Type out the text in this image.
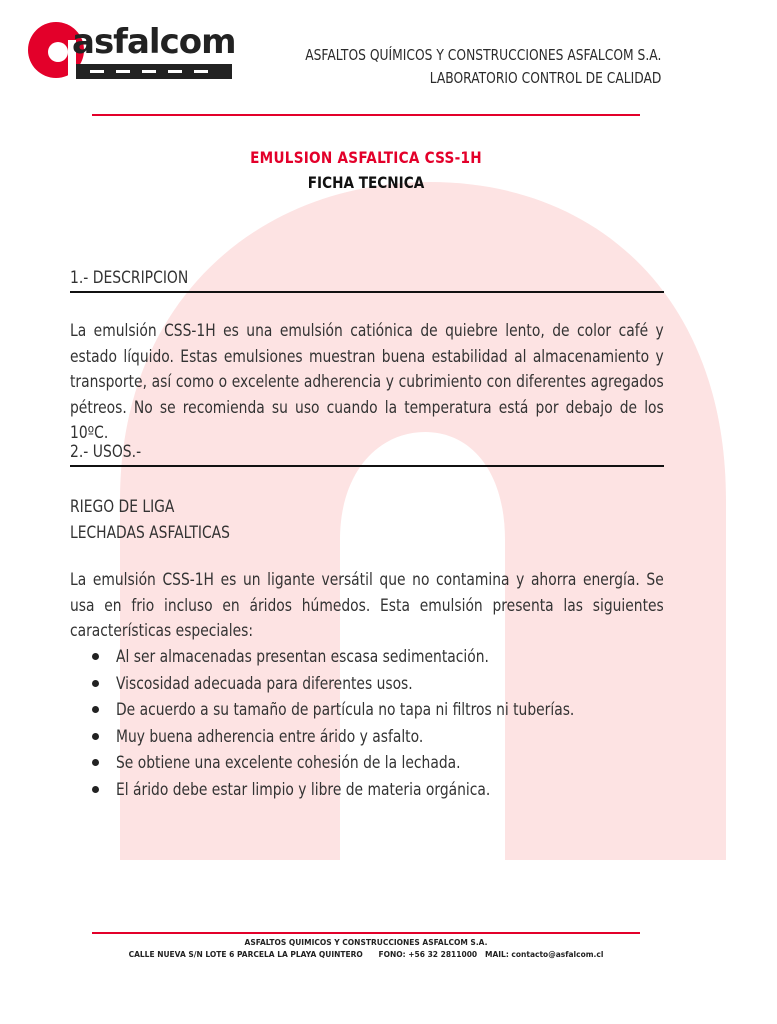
asfalcom	ASFALTOS QUÍMICOS Y CONSTRUCCIONES ASFALCOM S.A.
LABORATORIO CONTROL DE CALIDAD
EMULSION ASFALTICA CSS-1H
FICHA TECNICA
1.- DESCRIPCION
La emulsión CSS-1H es una emulsión catiónica de quiebre lento, de color café y estado líquido. Estas emulsiones muestran buena estabilidad al almacenamiento y transporte, así como o excelente adherencia y cubrimiento con diferentes agregados pétreos. No se recomienda su uso cuando la temperatura está por debajo de los 10ºC.
2.- USOS.-
RIEGO DE LIGA
LECHADAS ASFALTICAS
La emulsión CSS-1H es un ligante versátil que no contamina y ahorra energía. Se usa en frio incluso en áridos húmedos. Esta emulsión presenta las siguientes características especiales:
Al ser almacenadas presentan escasa sedimentación.
Viscosidad adecuada para diferentes usos.
De acuerdo a su tamaño de partícula no tapa ni filtros ni tuberías.
Muy buena adherencia entre árido y asfalto.
Se obtiene una excelente cohesión de la lechada.
El árido debe estar limpio y libre de materia orgánica.
ASFALTOS QUIMICOS Y CONSTRUCCIONES ASFALCOM S.A.
CALLE NUEVA S/N LOTE 6 PARCELA LA PLAYA QUINTERO      FONO: +56 32 2811000   MAIL: contacto@asfalcom.cl
